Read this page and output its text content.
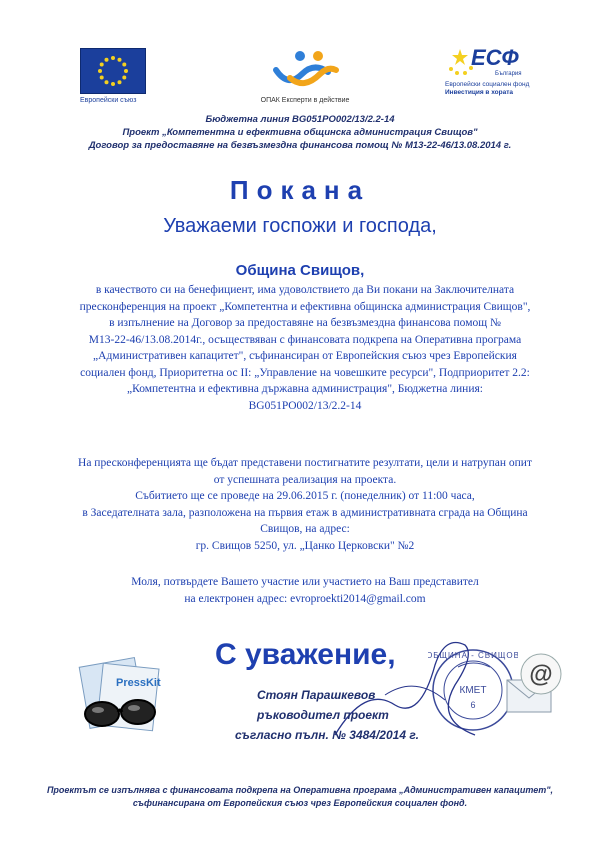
Европейски съюз	ОПАК Експерти в действие
ЕСФ
България
Европейски социален фонд
Инвестиция в хората
Бюджетна линия BG051PO002/13/2.2-14
Проект „Компетентна и ефективна общинска администрация Свищов"
Договор за предоставяне на безвъзмездна финансова помощ № М13-22-46/13.08.2014 г.
Покана
Уважаеми госпожи и господа,
Община Свищов,
в качеството си на бенефициент, има удоволствието да Ви покани на Заключителната
пресконференция на проект „Компетентна и ефективна общинска администрация Свищов",
в изпълнение на Договор за предоставяне на безвъзмездна финансова помощ №
М13-22-46/13.08.2014г., осъществяван с финансовата подкрепа на Оперативна програма
„Административен капацитет", съфинансиран от Европейския съюз чрез Европейския
социален фонд, Приоритетна ос II: „Управление на човешките ресурси", Подприоритет 2.2:
„Компетентна и ефективна държавна администрация", Бюджетна линия:
BG051PO002/13/2.2-14
На пресконференцията ще бъдат представени постигнатите резултати, цели и натрупан опит
от успешната реализация на проекта.
Събитието ще се проведе на 29.06.2015 г. (понеделник) от 11:00 часа,
в Заседателната зала, разположена на първия етаж в административната сграда на Община
Свищов, на адрес:
гр. Свищов 5250, ул. „Цанко Церковски" №2
Моля, потвърдете Вашето участие или участието на Ваш представител
на електронен адрес: evroproekti2014@gmail.com
PressKit
С уважение,	ОБЩИНА - СВИЩОВ
КМЕТ
6
@
Стоян Парашкевов
ръководител проект
съгласно пълн. № 3484/2014 г.
Проектът се изпълнява с финансовата подкрепа на Оперативна програма „Административен капацитет",
съфинансирана от Европейския съюз чрез Европейския социален фонд.
